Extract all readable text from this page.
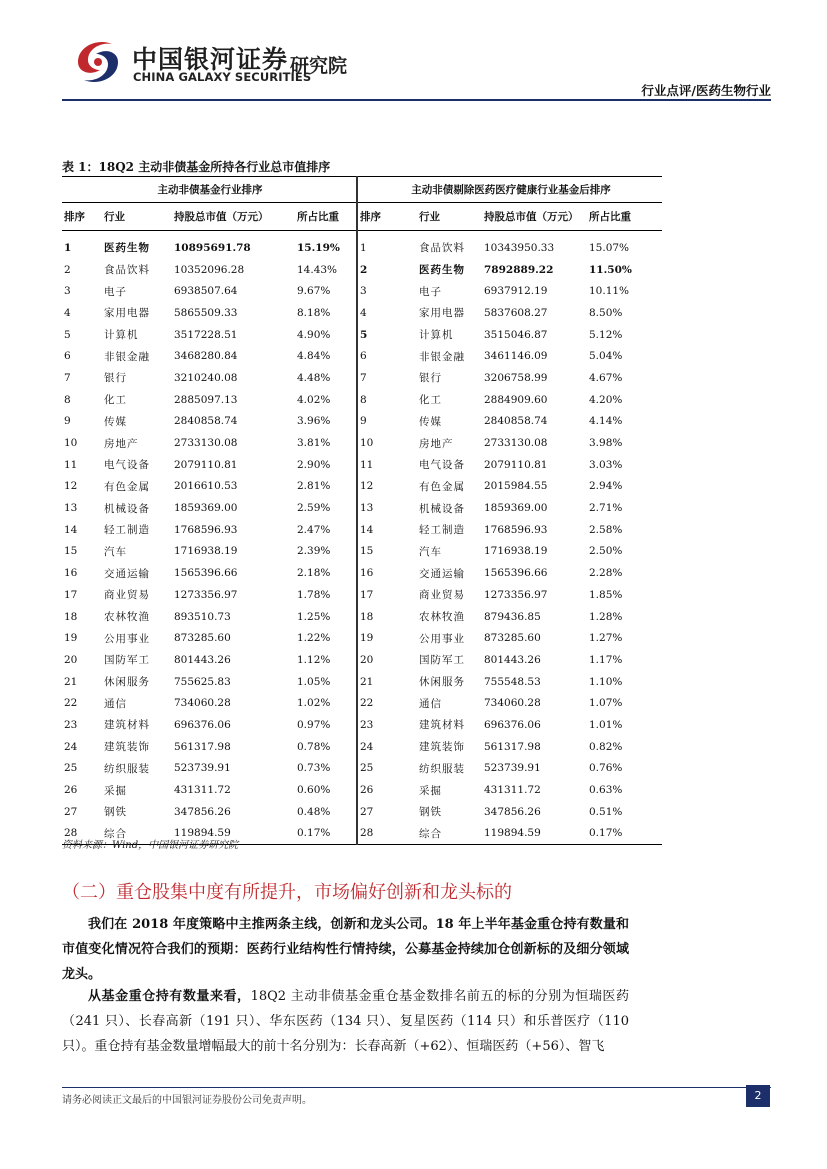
中国银河证券
CHINA GALAXY SECURITIES
研究院
行业点评/医药生物行业
表 1：18Q2 主动非债基金所持各行业总市值排序
主动非债基金行业排序				主动非债剔除医药医疗健康行业基金后排序			
排序	行业	持股总市值（万元）	所占比重	排序	行业	持股总市值（万元）	所占比重
1	医药生物	10895691.78	15.19%	1	食品饮料	10343950.33	15.07%
2	食品饮料	10352096.28	14.43%	2	医药生物	7892889.22	11.50%
3	电子	6938507.64	9.67%	3	电子	6937912.19	10.11%
4	家用电器	5865509.33	8.18%	4	家用电器	5837608.27	8.50%
5	计算机	3517228.51	4.90%	5	计算机	3515046.87	5.12%
6	非银金融	3468280.84	4.84%	6	非银金融	3461146.09	5.04%
7	银行	3210240.08	4.48%	7	银行	3206758.99	4.67%
8	化工	2885097.13	4.02%	8	化工	2884909.60	4.20%
9	传媒	2840858.74	3.96%	9	传媒	2840858.74	4.14%
10	房地产	2733130.08	3.81%	10	房地产	2733130.08	3.98%
11	电气设备	2079110.81	2.90%	11	电气设备	2079110.81	3.03%
12	有色金属	2016610.53	2.81%	12	有色金属	2015984.55	2.94%
13	机械设备	1859369.00	2.59%	13	机械设备	1859369.00	2.71%
14	轻工制造	1768596.93	2.47%	14	轻工制造	1768596.93	2.58%
15	汽车	1716938.19	2.39%	15	汽车	1716938.19	2.50%
16	交通运输	1565396.66	2.18%	16	交通运输	1565396.66	2.28%
17	商业贸易	1273356.97	1.78%	17	商业贸易	1273356.97	1.85%
18	农林牧渔	893510.73	1.25%	18	农林牧渔	879436.85	1.28%
19	公用事业	873285.60	1.22%	19	公用事业	873285.60	1.27%
20	国防军工	801443.26	1.12%	20	国防军工	801443.26	1.17%
21	休闲服务	755625.83	1.05%	21	休闲服务	755548.53	1.10%
22	通信	734060.28	1.02%	22	通信	734060.28	1.07%
23	建筑材料	696376.06	0.97%	23	建筑材料	696376.06	1.01%
24	建筑装饰	561317.98	0.78%	24	建筑装饰	561317.98	0.82%
25	纺织服装	523739.91	0.73%	25	纺织服装	523739.91	0.76%
26	采掘	431311.72	0.60%	26	采掘	431311.72	0.63%
27	钢铁	347856.26	0.48%	27	钢铁	347856.26	0.51%
28	综合	119894.59	0.17%	28	综合	119894.59	0.17%
资料来源：Wind，中国银河证券研究院
（二）重仓股集中度有所提升，市场偏好创新和龙头标的
我们在 2018 年度策略中主推两条主线，创新和龙头公司。18 年上半年基金重仓持有数量和市值变化情况符合我们的预期：医药行业结构性行情持续，公募基金持续加仓创新标的及细分领域龙头。
从基金重仓持有数量来看，18Q2 主动非债基金重仓基金数排名前五的标的分别为恒瑞医药（241 只）、长春高新（191 只）、华东医药（134 只）、复星医药（114 只）和乐普医疗（110 只）。重仓持有基金数量增幅最大的前十名分别为：长春高新（+62）、恒瑞医药（+56）、智飞
请务必阅读正文最后的中国银河证券股份公司免责声明。	2
